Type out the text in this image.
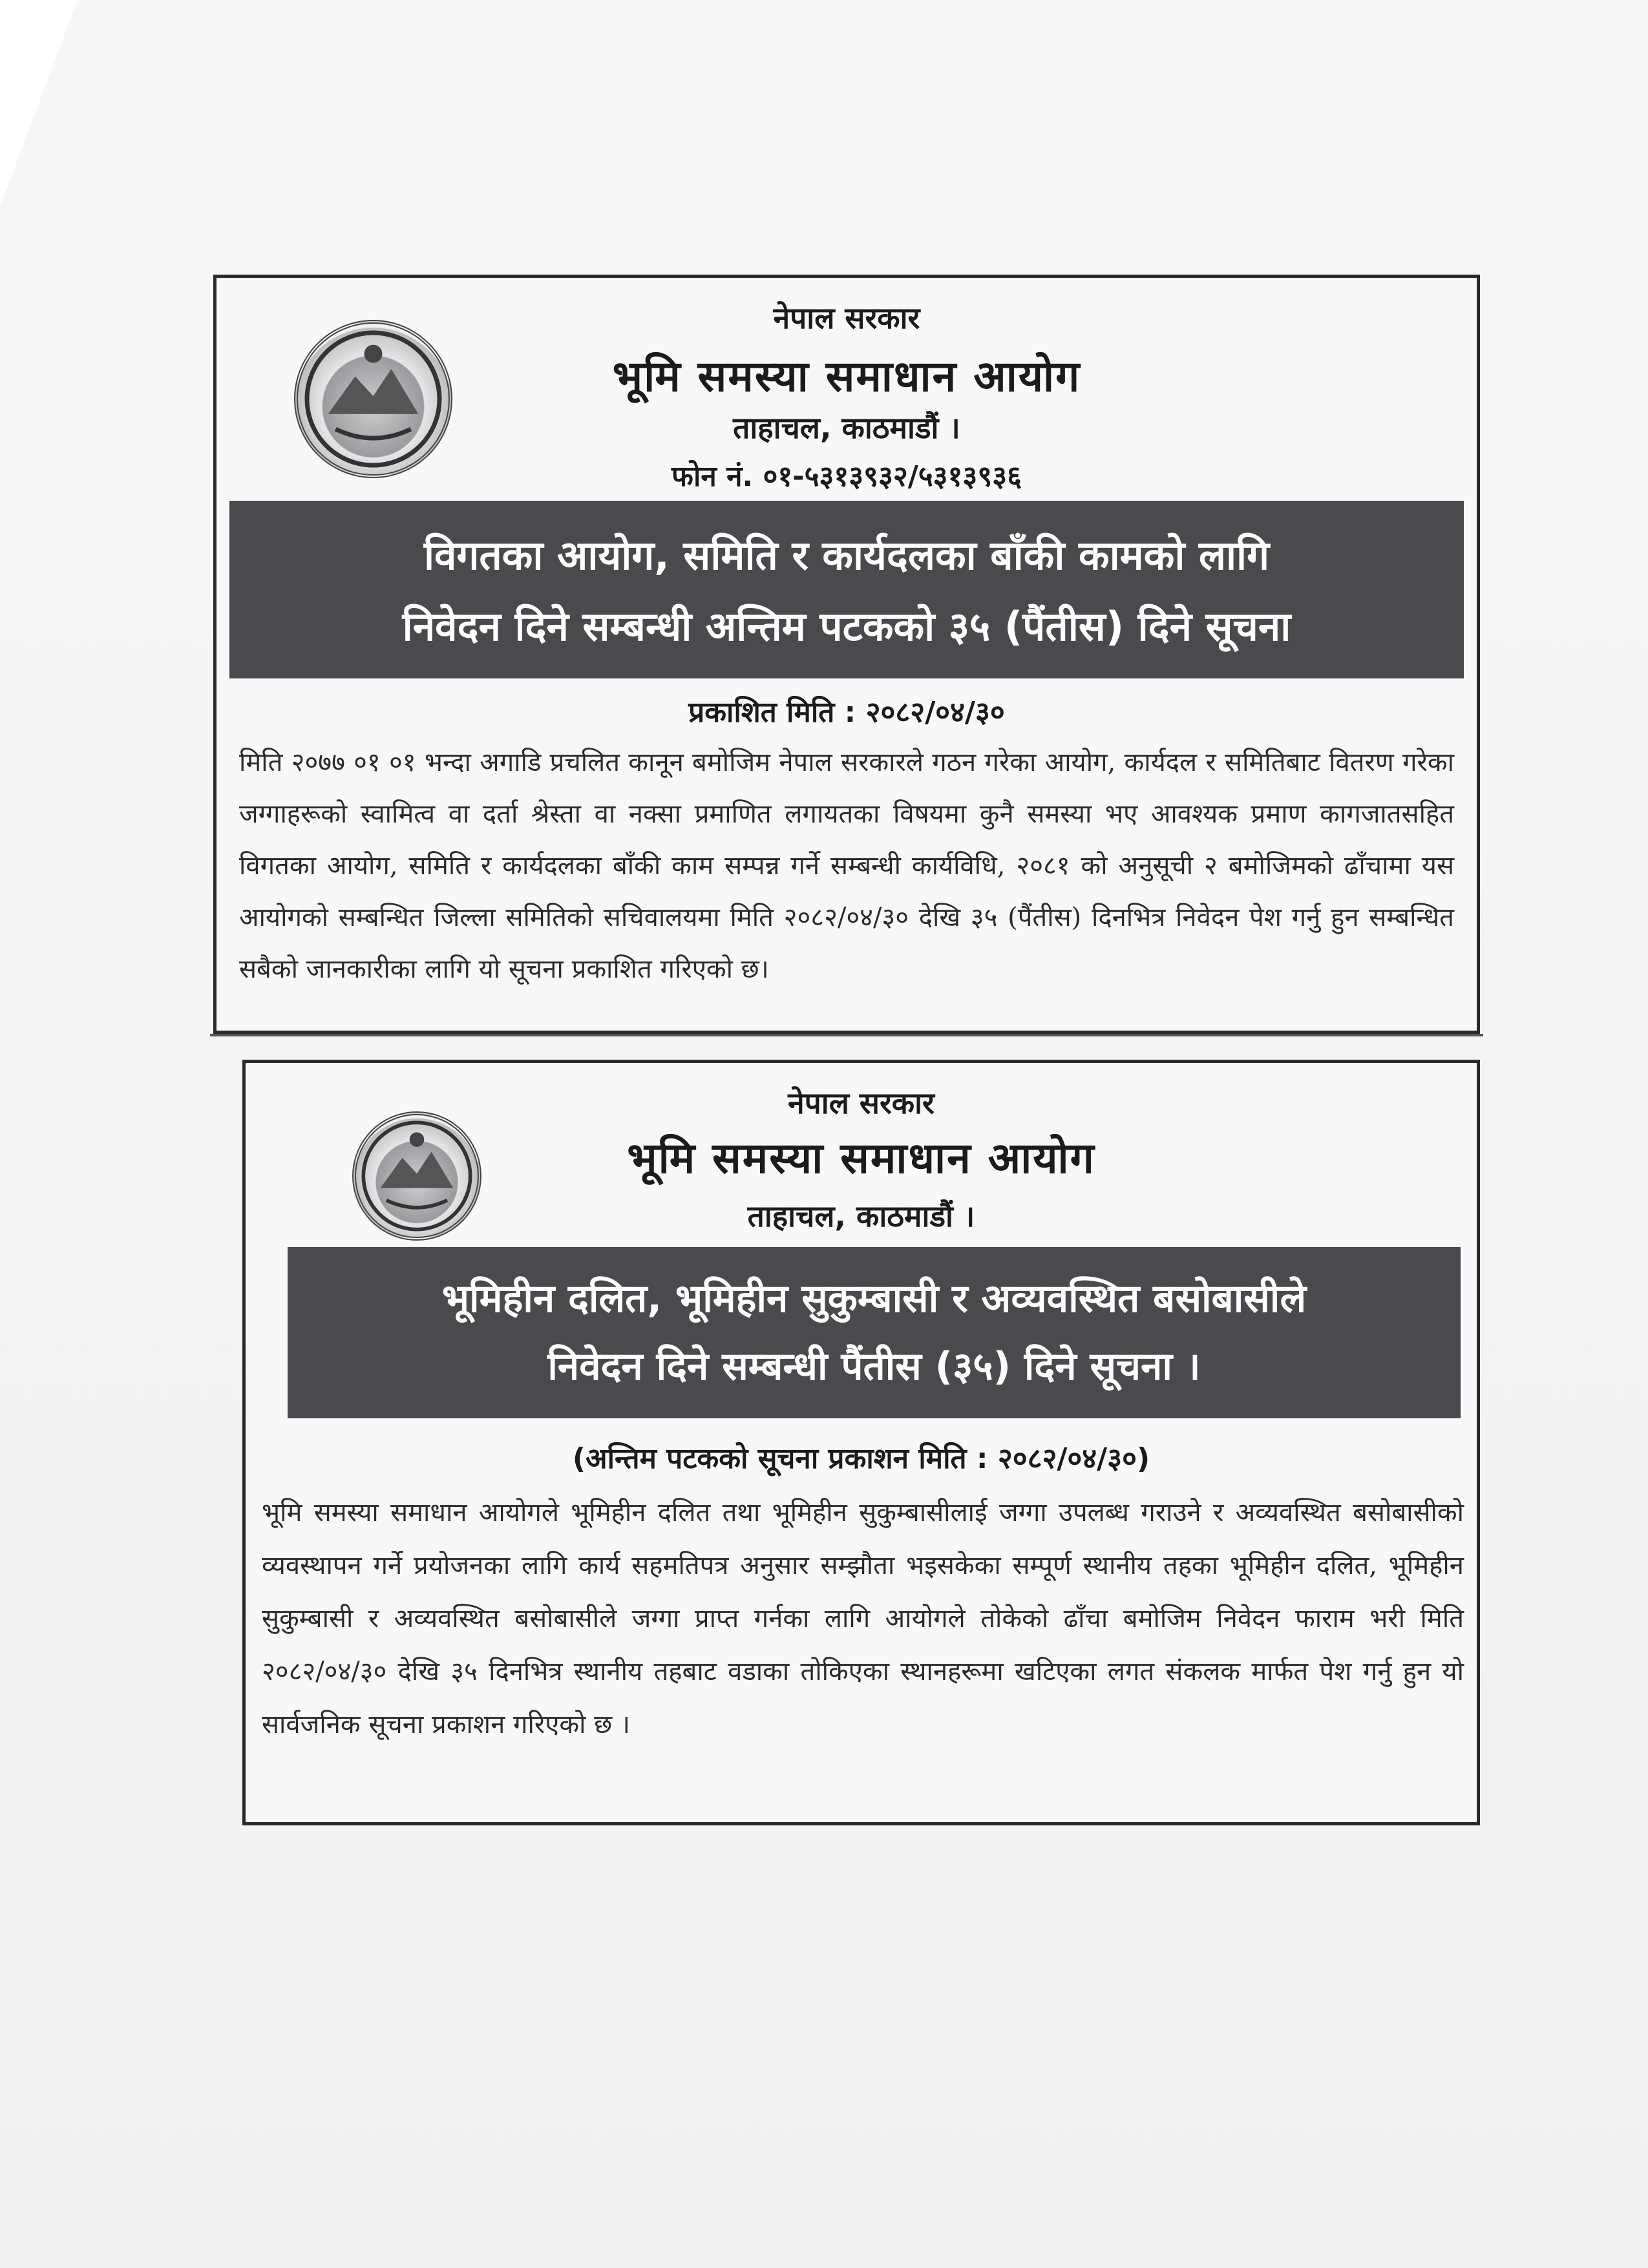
नेपाल सरकार
भूमि समस्या समाधान आयोग
ताहाचल, काठमाडौं ।
फोन नं. ०१-५३१३९३२/५३१३९३६
विगतका आयोग, समिति र कार्यदलका बाँकी कामको लागि
निवेदन दिने सम्बन्धी अन्तिम पटकको ३५ (पैंतीस) दिने सूचना
प्रकाशित मिति : २०८२/०४/३०
मिति २०७७ ०१ ०१ भन्दा अगाडि प्रचलित कानून बमोजिम नेपाल सरकारले गठन गरेका आयोग, कार्यदल र समितिबाट वितरण गरेका जग्गाहरूको स्वामित्व वा दर्ता श्रेस्ता वा नक्सा प्रमाणित लगायतका विषयमा कुनै समस्या भए आवश्यक प्रमाण कागजातसहित विगतका आयोग, समिति र कार्यदलका बाँकी काम सम्पन्न गर्ने सम्बन्धी कार्यविधि, २०८१ को अनुसूची २ बमोजिमको ढाँचामा यस आयोगको सम्बन्धित जिल्ला समितिको सचिवालयमा मिति २०८२/०४/३० देखि ३५ (पैंतीस) दिनभित्र निवेदन पेश गर्नु हुन सम्बन्धित सबैको जानकारीका लागि यो सूचना प्रकाशित गरिएको छ।
नेपाल सरकार
भूमि समस्या समाधान आयोग
ताहाचल, काठमाडौं ।
भूमिहीन दलित, भूमिहीन सुकुम्बासी र अव्यवस्थित बसोबासीले
निवेदन दिने सम्बन्धी पैंतीस (३५) दिने सूचना ।
(अन्तिम पटकको सूचना प्रकाशन मिति : २०८२/०४/३०)
भूमि समस्या समाधान आयोगले भूमिहीन दलित तथा भूमिहीन सुकुम्बासीलाई जग्गा उपलब्ध गराउने र अव्यवस्थित बसोबासीको व्यवस्थापन गर्ने प्रयोजनका लागि कार्य सहमतिपत्र अनुसार सम्झौता भइसकेका सम्पूर्ण स्थानीय तहका भूमिहीन दलित, भूमिहीन सुकुम्बासी र अव्यवस्थित बसोबासीले जग्गा प्राप्त गर्नका लागि आयोगले तोकेको ढाँचा बमोजिम निवेदन फाराम भरी मिति २०८२/०४/३० देखि ३५ दिनभित्र स्थानीय तहबाट वडाका तोकिएका स्थानहरूमा खटिएका लगत संकलक मार्फत पेश गर्नु हुन यो सार्वजनिक सूचना प्रकाशन गरिएको छ ।
